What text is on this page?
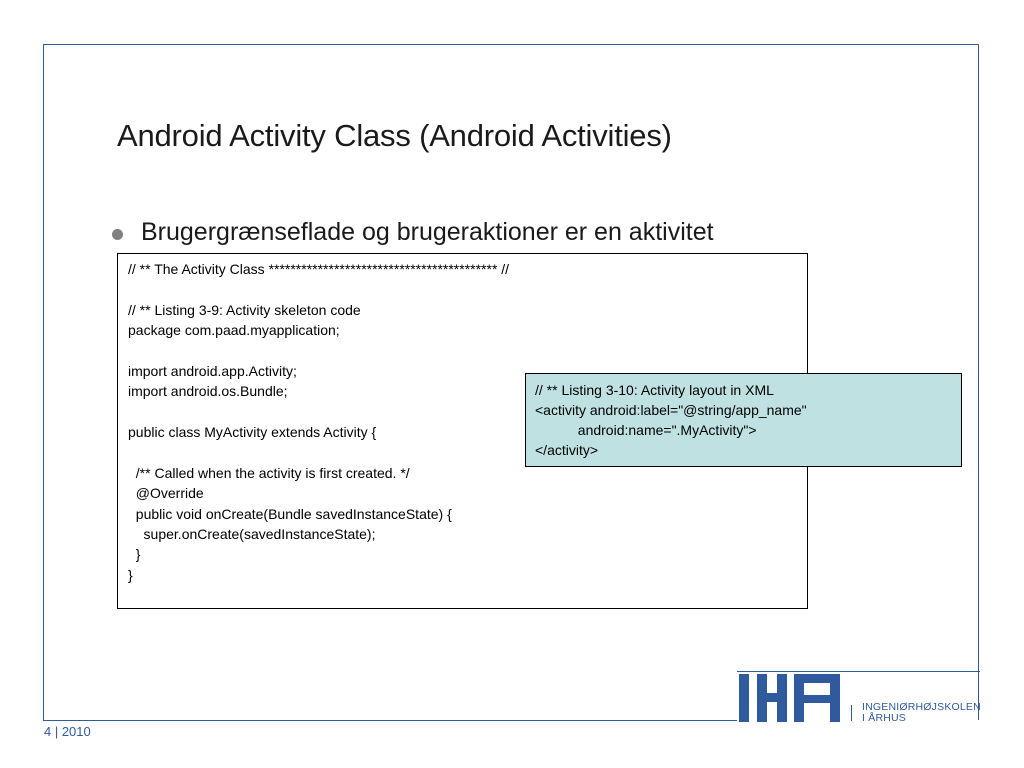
Android Activity Class (Android Activities)
Brugergrænseflade og brugeraktioner er en aktivitet
// ** The Activity Class ****************************************** //
// ** Listing 3-9: Activity skeleton code
package com.paad.myapplication;
import android.app.Activity;
import android.os.Bundle;
public class MyActivity extends Activity {
/** Called when the activity is first created. */
@Override
public void onCreate(Bundle savedInstanceState) {
super.onCreate(savedInstanceState);
}
}
// ** Listing 3-10: Activity layout in XML
<activity android:label="@string/app_name"
android:name=".MyActivity">
</activity>
4 | 2010
INGENIØRHØJSKOLEN
I ÅRHUS
